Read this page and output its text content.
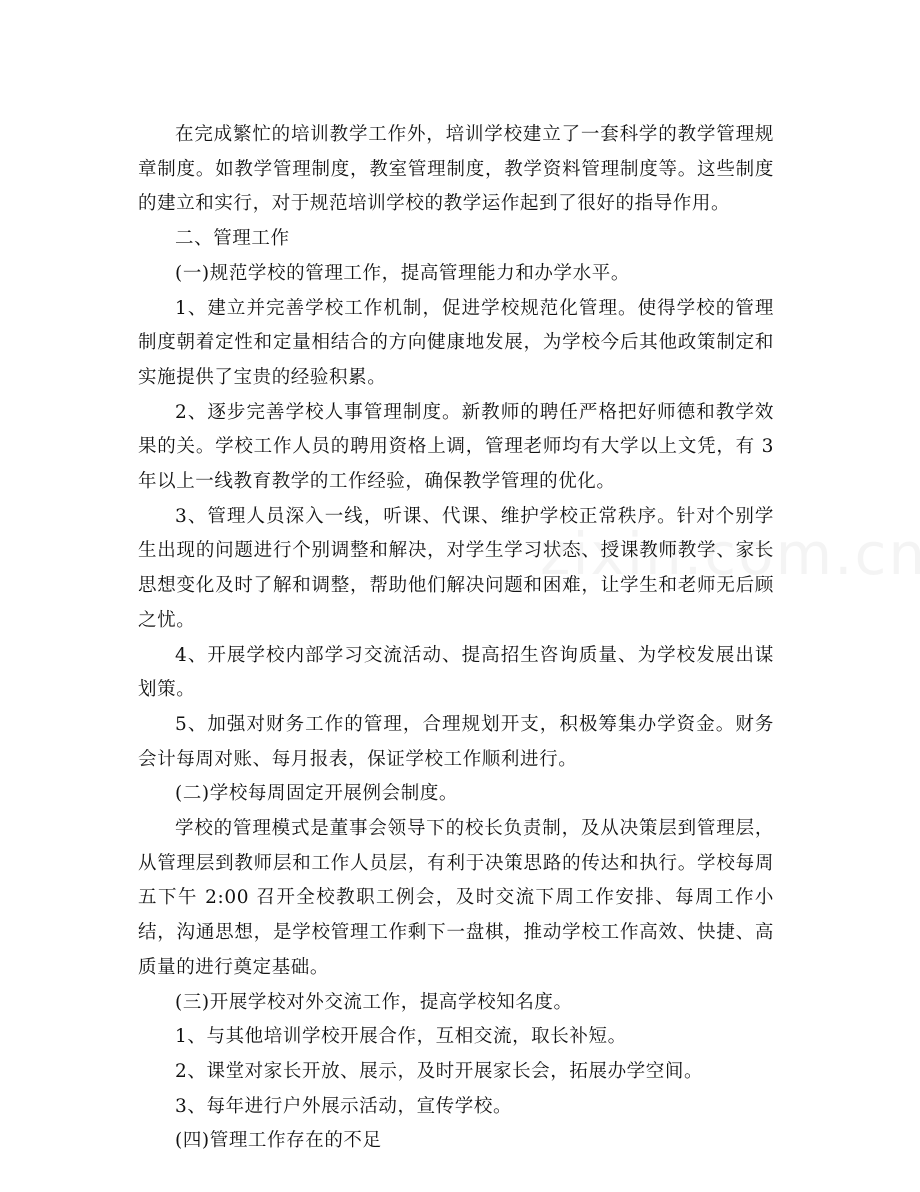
在完成繁忙的培训教学工作外，培训学校建立了一套科学的教学管理规章制度。如教学管理制度，教室管理制度，教学资料管理制度等。这些制度的建立和实行，对于规范培训学校的教学运作起到了很好的指导作用。

二、管理工作

(一)规范学校的管理工作，提高管理能力和办学水平。

1、建立并完善学校工作机制，促进学校规范化管理。使得学校的管理制度朝着定性和定量相结合的方向健康地发展，为学校今后其他政策制定和实施提供了宝贵的经验积累。

2、逐步完善学校人事管理制度。新教师的聘任严格把好师德和教学效果的关。学校工作人员的聘用资格上调，管理老师均有大学以上文凭，有 3 年以上一线教育教学的工作经验，确保教学管理的优化。

3、管理人员深入一线，听课、代课、维护学校正常秩序。针对个别学生出现的问题进行个别调整和解决，对学生学习状态、授课教师教学、家长思想变化及时了解和调整，帮助他们解决问题和困难，让学生和老师无后顾之忧。

4、开展学校内部学习交流活动、提高招生咨询质量、为学校发展出谋划策。

5、加强对财务工作的管理，合理规划开支，积极筹集办学资金。财务会计每周对账、每月报表，保证学校工作顺利进行。

(二)学校每周固定开展例会制度。

学校的管理模式是董事会领导下的校长负责制，及从决策层到管理层，从管理层到教师层和工作人员层，有利于决策思路的传达和执行。学校每周五下午 2:00 召开全校教职工例会，及时交流下周工作安排、每周工作小结，沟通思想，是学校管理工作剩下一盘棋，推动学校工作高效、快捷、高质量的进行奠定基础。

(三)开展学校对外交流工作，提高学校知名度。

1、与其他培训学校开展合作，互相交流，取长补短。

2、课堂对家长开放、展示，及时开展家长会，拓展办学空间。

3、每年进行户外展示活动，宣传学校。

(四)管理工作存在的不足
